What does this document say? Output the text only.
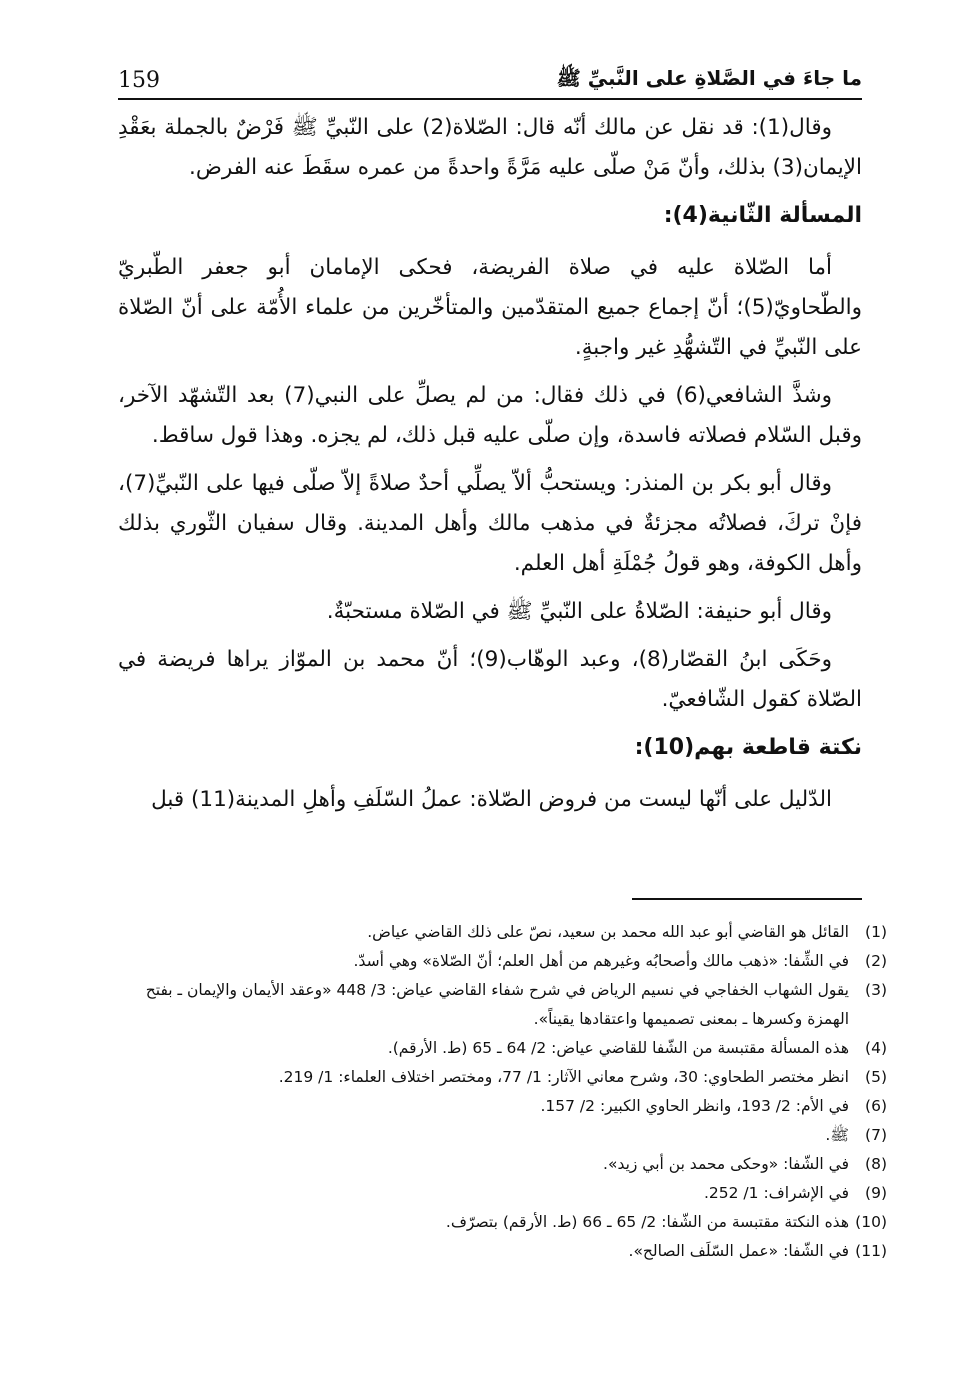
159	ما جاءَ في الصَّلاةِ على النَّبيِّ ﷺ

وقال(1): قد نقل عن مالك أنّه قال: الصّلاة(2) على النّبيِّ ﷺ فَرْضٌ بالجملة بعَقْدِ الإيمان(3) بذلك، وأنّ مَنْ صلّى عليه مَرَّةً واحدةً من عمره سقَطَ عنه الفرض.

المسألة الثّانية(4):

أما الصّلاة عليه في صلاة الفريضة، فحكى الإمامان أبو جعفر الطّبريّ والطّحاويّ(5)؛ أنّ إجماع جميع المتقدّمين والمتأخّرين من علماء الأُمّة على أنّ الصّلاة على النّبيِّ في التّشهُّدِ غير واجبةٍ.

وشذَّ الشافعي(6) في ذلك فقال: من لم يصلِّ على النبي(7) بعد التّشهّد الآخر، وقبل السّلام فصلاته فاسدة، وإن صلّى عليه قبل ذلك، لم يجزه. وهذا قول ساقط.

وقال أبو بكر بن المنذر: ويستحبُّ ألاّ يصلِّي أحدٌ صلاةً إلاّ صلّى فيها على النّبيِّ(7)، فإنْ تركَ، فصلاتُه مجزئةٌ في مذهب مالك وأهل المدينة. وقال سفيان الثّوري بذلك وأهل الكوفة، وهو قولُ جُمْلَةِ أهل العلم.

وقال أبو حنيفة: الصّلاةُ على النّبيِّ ﷺ في الصّلاة مستحبّةٌ.

وحَكَى ابنُ القصّار(8)، وعبد الوهّاب(9)؛ أنّ محمد بن الموّاز يراها فريضة في الصّلاة كقول الشّافعيّ.

نكتة قاطعة بهم(10):

الدّليل على أنّها ليست من فروض الصّلاة: عملُ السّلَفِ وأهلِ المدينة(11) قبل

(1)
القائل هو القاضي أبو عبد الله محمد بن سعيد، نصّ على ذلك القاضي عياض.
(2)
في الشِّفا: «ذهب مالك وأصحابُه وغيرهم من أهل العلم؛ أنّ الصّلاة» وهي أسدّ.
(3)
يقول الشهاب الخفاجي في نسيم الرياض في شرح شفاء القاضي عياض: 3/ 448 «وعقد الأيمان والإيمان ـ بفتح الهمزة وكسرها ـ بمعنى تصميمها واعتقادها يقيناً».
(4)
هذه المسألة مقتبسة من الشّفا للقاضي عياض: 2/ 64 ـ 65 (ط. الأرقم).
(5)
انظر مختصر الطحاوي: 30، وشرح معاني الآثار: 1/ 77، ومختصر اختلاف العلماء: 1/ 219.
(6)
في الأم: 2/ 193، وانظر الحاوي الكبير: 2/ 157.
(7)
ﷺ.
(8)
في الشّفا: «وحكى محمد بن أبي زيد».
(9)
في الإشراف: 1/ 252.
(10)
هذه النكتة مقتبسة من الشّفا: 2/ 65 ـ 66 (ط. الأرقم) بتصرّف.
(11)
في الشّفا: «عمل السّلَف الصالح».
